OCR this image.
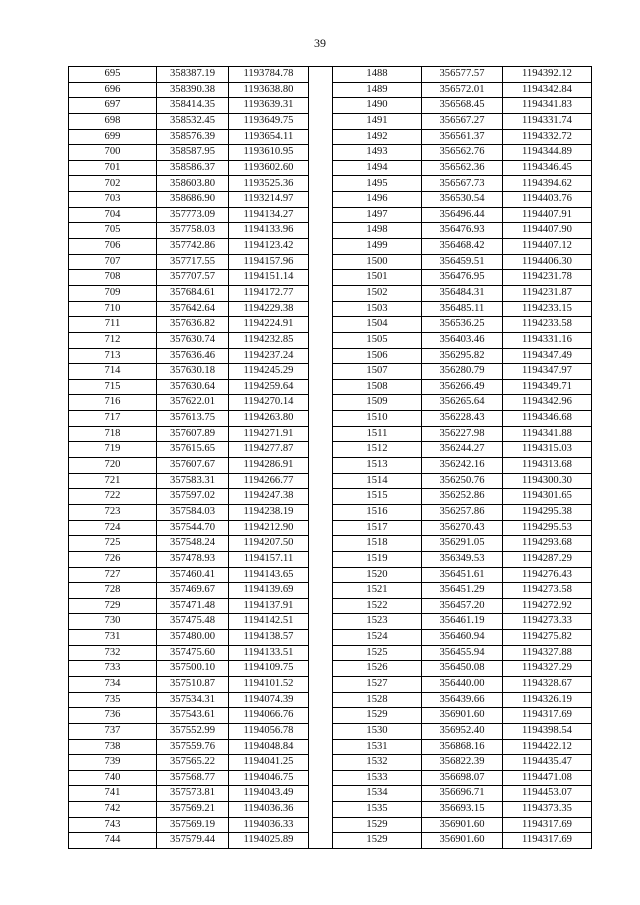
39
695	358387.19	1193784.78		1488	356577.57	1194392.12
696	358390.38	1193638.80		1489	356572.01	1194342.84
697	358414.35	1193639.31		1490	356568.45	1194341.83
698	358532.45	1193649.75		1491	356567.27	1194331.74
699	358576.39	1193654.11		1492	356561.37	1194332.72
700	358587.95	1193610.95		1493	356562.76	1194344.89
701	358586.37	1193602.60		1494	356562.36	1194346.45
702	358603.80	1193525.36		1495	356567.73	1194394.62
703	358686.90	1193214.97		1496	356530.54	1194403.76
704	357773.09	1194134.27		1497	356496.44	1194407.91
705	357758.03	1194133.96		1498	356476.93	1194407.90
706	357742.86	1194123.42		1499	356468.42	1194407.12
707	357717.55	1194157.96		1500	356459.51	1194406.30
708	357707.57	1194151.14		1501	356476.95	1194231.78
709	357684.61	1194172.77		1502	356484.31	1194231.87
710	357642.64	1194229.38		1503	356485.11	1194233.15
711	357636.82	1194224.91		1504	356536.25	1194233.58
712	357630.74	1194232.85		1505	356403.46	1194331.16
713	357636.46	1194237.24		1506	356295.82	1194347.49
714	357630.18	1194245.29		1507	356280.79	1194347.97
715	357630.64	1194259.64		1508	356266.49	1194349.71
716	357622.01	1194270.14		1509	356265.64	1194342.96
717	357613.75	1194263.80		1510	356228.43	1194346.68
718	357607.89	1194271.91		1511	356227.98	1194341.88
719	357615.65	1194277.87		1512	356244.27	1194315.03
720	357607.67	1194286.91		1513	356242.16	1194313.68
721	357583.31	1194266.77		1514	356250.76	1194300.30
722	357597.02	1194247.38		1515	356252.86	1194301.65
723	357584.03	1194238.19		1516	356257.86	1194295.38
724	357544.70	1194212.90		1517	356270.43	1194295.53
725	357548.24	1194207.50		1518	356291.05	1194293.68
726	357478.93	1194157.11		1519	356349.53	1194287.29
727	357460.41	1194143.65		1520	356451.61	1194276.43
728	357469.67	1194139.69		1521	356451.29	1194273.58
729	357471.48	1194137.91		1522	356457.20	1194272.92
730	357475.48	1194142.51		1523	356461.19	1194273.33
731	357480.00	1194138.57		1524	356460.94	1194275.82
732	357475.60	1194133.51		1525	356455.94	1194327.88
733	357500.10	1194109.75		1526	356450.08	1194327.29
734	357510.87	1194101.52		1527	356440.00	1194328.67
735	357534.31	1194074.39		1528	356439.66	1194326.19
736	357543.61	1194066.76		1529	356901.60	1194317.69
737	357552.99	1194056.78		1530	356952.40	1194398.54
738	357559.76	1194048.84		1531	356868.16	1194422.12
739	357565.22	1194041.25		1532	356822.39	1194435.47
740	357568.77	1194046.75		1533	356698.07	1194471.08
741	357573.81	1194043.49		1534	356696.71	1194453.07
742	357569.21	1194036.36		1535	356693.15	1194373.35
743	357569.19	1194036.33		1529	356901.60	1194317.69
744	357579.44	1194025.89		1529	356901.60	1194317.69
